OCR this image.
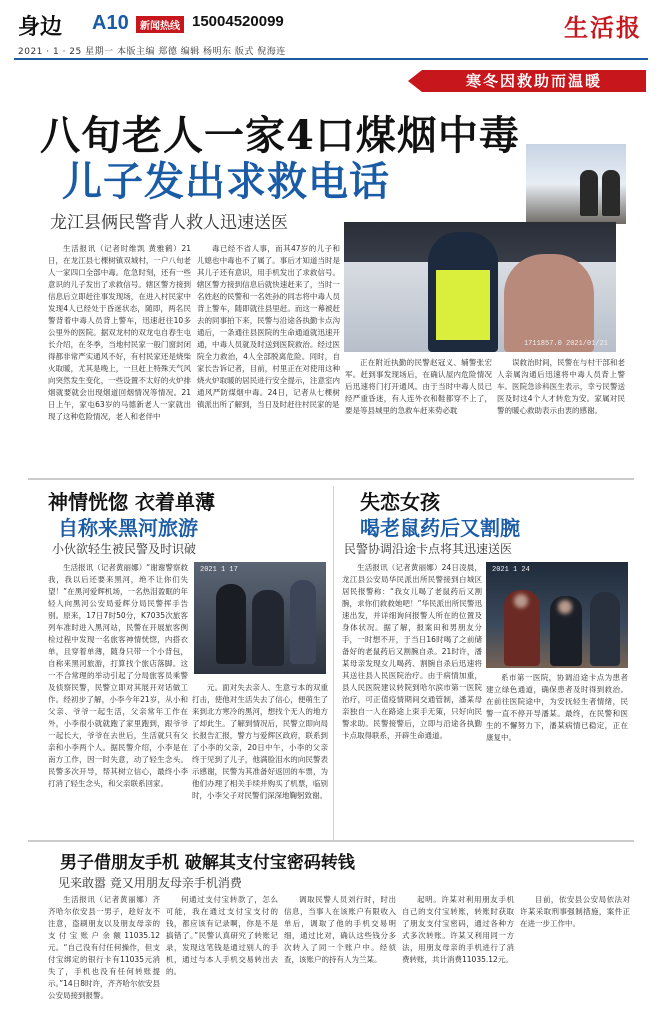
身边 A10	新闻热线 15004520099	生活报
2021 · 1 · 25 星期一 本版主编 郑德 编辑 杨明东 版式 倪海连
寒冬因救助而温暖
八旬老人一家4口煤烟中毒
儿子发出求救电话
龙江县俩民警背人救人迅速送医
1711857.0 2021/01/21

生活报讯（记者时维凯 黄雅鹤）21日，在龙江县七棵树镇双城村，一户八旬老人一家四口全部中毒。危急时刻，还有一些意识的儿子发出了求救信号。辖区警方接到信息后立即赶往事发现场，在进入村民家中发现4人已经处于昏迷状态，随即，两名民警背着中毒人员背上警车，迅速赶往10多公里外的医院。据双龙村的双龙屯自春生屯长介绍，在冬季，当地村民家一般门窗封闭得都非常严实通风不好，有村民家还是烧柴火取暖，尤其是晚上，一旦赶上特殊天气风向突然发生变化，一些设置不太好的火炉排烟就要就会出现烟道回烟情况等情况。21日上午，家屯63岁的马德新老人一家就出现了这种危险情况，老人和老伴中

毒已经不省人事，而其47岁的儿子和儿媳也中毒也不了属了。事后才知道当时是其儿子还有意识，用手机发出了求救信号。辖区警方接到信息后就快速赶来了，当时一名姓赵的民警和一名姓孙的同志将中毒人员背上警车，随即就往县里赶。而这一幕被赶去的同事拍下来，民警与沿途各执勤卡点沟通后，一条通往县医院的生命通道就迅速开通，中毒人员就及时送到医院救治。经过医院全力救治，4人全部脱离危险。同时，自家长告诉记者，目前，村里正在对使用这种烧火炉取暖的居民进行安全提示，注意室内通风严防煤烟中毒。24日，记者从七棵树镇派出所了解到，当日及时赶往村民家的是

正在附近执勤的民警赵冠义、辅警张宏军。赶到事发现场后，在确认屋内危险情况后迅速将门打开通风。由于当时中毒人员已经严重昏迷，有人连外衣和鞋都穿不上了，要是等县城里的急救车赶来势必耽

误救治时间，民警在与村干部和老人亲属沟通后迅速将中毒人员背上警车。医院急诊科医生表示，幸亏民警送医及时这4个人才转危为安。家属对民警的暖心救助表示由衷的感谢。

神情恍惚 衣着单薄
自称来黑河旅游
小伙欲轻生被民警及时识破

生活报讯（记者黄丽娜）“谢谢警察救我，我以后还要来黑河，绝不让你们失望！”在黑河爱辉机场，一名热泪盈眶的年轻人向黑河公安局爱辉分局民警挥手告别。原来，17日7时50分，K7035次旅客列车准时进入黑河站，民警在开展旅客例检过程中发现一名旅客神情恍惚，内搭衣单，且穿着单薄，随身只带一个小背包，自称来黑河旅游，打算找个旅店落脚。这一不合常理的举动引起了分局旅客员乘警及侦察民警，民警立即对其展开对话做工作。经初步了解，小李今年21岁，从小和父亲、爷爷一起生活，父亲常年工作在外，小李很小就就跑了家里跑到，跟爷爷一起长大，爷爷在去世后，生活就只有父亲和小李两个人。据民警介绍，小李是在南方工作，因一时失意，动了轻生念头。民警多次开导，帮其树立信心，最终小李打消了轻生念头，和父亲联系回家。

2021 1 17

元。面对失去亲人、生意亏本的双重打击，使他对生活失去了信心，便萌生了来到北方寒冷的黑河，想找个无人的地方了却此生。了解到情况后，民警立即向局长报告汇报，警方与爱辉区政府，联系到了小李的父亲，20日中午，小李的父亲终于见到了儿子，他满脸泪水的向民警表示感谢，民警为其准备好返回的车票，为他们办理了相关手续并购买了机票，临别时，小李父子对民警们深深地鞠躬致谢。

失恋女孩
喝老鼠药后又割腕
民警协调沿途卡点将其迅速送医

生活报讯（记者黄丽娜）24日凌晨，龙江县公安局华民派出所民警接到白城区居民报警称：“我女儿喝了老鼠药后又割腕，求你们救救她吧！”华民派出所民警迅速出发，并详细询问报警人所在的位置及身体状况。据了解，报案田和男朋友分手，一时想不开，于当日16时喝了之前储备好的老鼠药后又割腕自杀。21时许，潘某母亲发现女儿喝药、割腕自杀后迅速将其送往县人民医院治疗。由于病情加重，县人民医院建议转院到哈尔滨市第一医院治疗，可正值疫情期间交通管制，潘某母亲独自一人在路途上束手无策，只好向民警求助。民警接警后，立即与沿途各执勤卡点取得联系，开辟生命通道。

2021 1 24

系市第一医院，协调沿途卡点为患者建立绿色通道，确保患者及时得到救治。在前往医院途中，为安抚轻生者情绪，民警一直不停开导潘某。最终，在民警和医生的不懈努力下，潘某病情已稳定，正在康复中。

男子借朋友手机 破解其支付宝密码转钱
见来敢嚣 竟又用朋友母亲手机消费

生活报讯（记者黄丽娜）齐齐哈尔依安县一男子，趁好友不注意，盗刷朋友以及朋友母亲的支付宝账户余额11035.12元。“自己没有付任何操作，但支付宝绑定的银行卡有11035元消失了，手机也没有任何转账提示。”14日8时许，齐齐哈尔依安县公安局接到报警。

何通过支付宝转款了，怎么可能，我在通过支付宝支付的钱，都应该有记录啊，你是不是搞错了。”民警认真研究了转账记录，发现这笔钱是通过别人的手机，通过与本人手机交易转出去的。

调取民警人员刘行时，时出信息，当事人在该账户有限收入单后，调取了他的手机交易明细，通过比对，确认这些钱分多次转入了同一个账户中。经侦查，该账户的持有人为兰某。

起明。许某对利用朋友手机自己的支付宝转账，转账时获取了朋友支付宝密码，通过各种方式多次转账。许某又利用同一方法，用朋友母亲的手机进行了消费转账，共计消费11035.12元。

目前，依安县公安局依法对许某采取刑事强制措施，案件正在进一步工作中。
